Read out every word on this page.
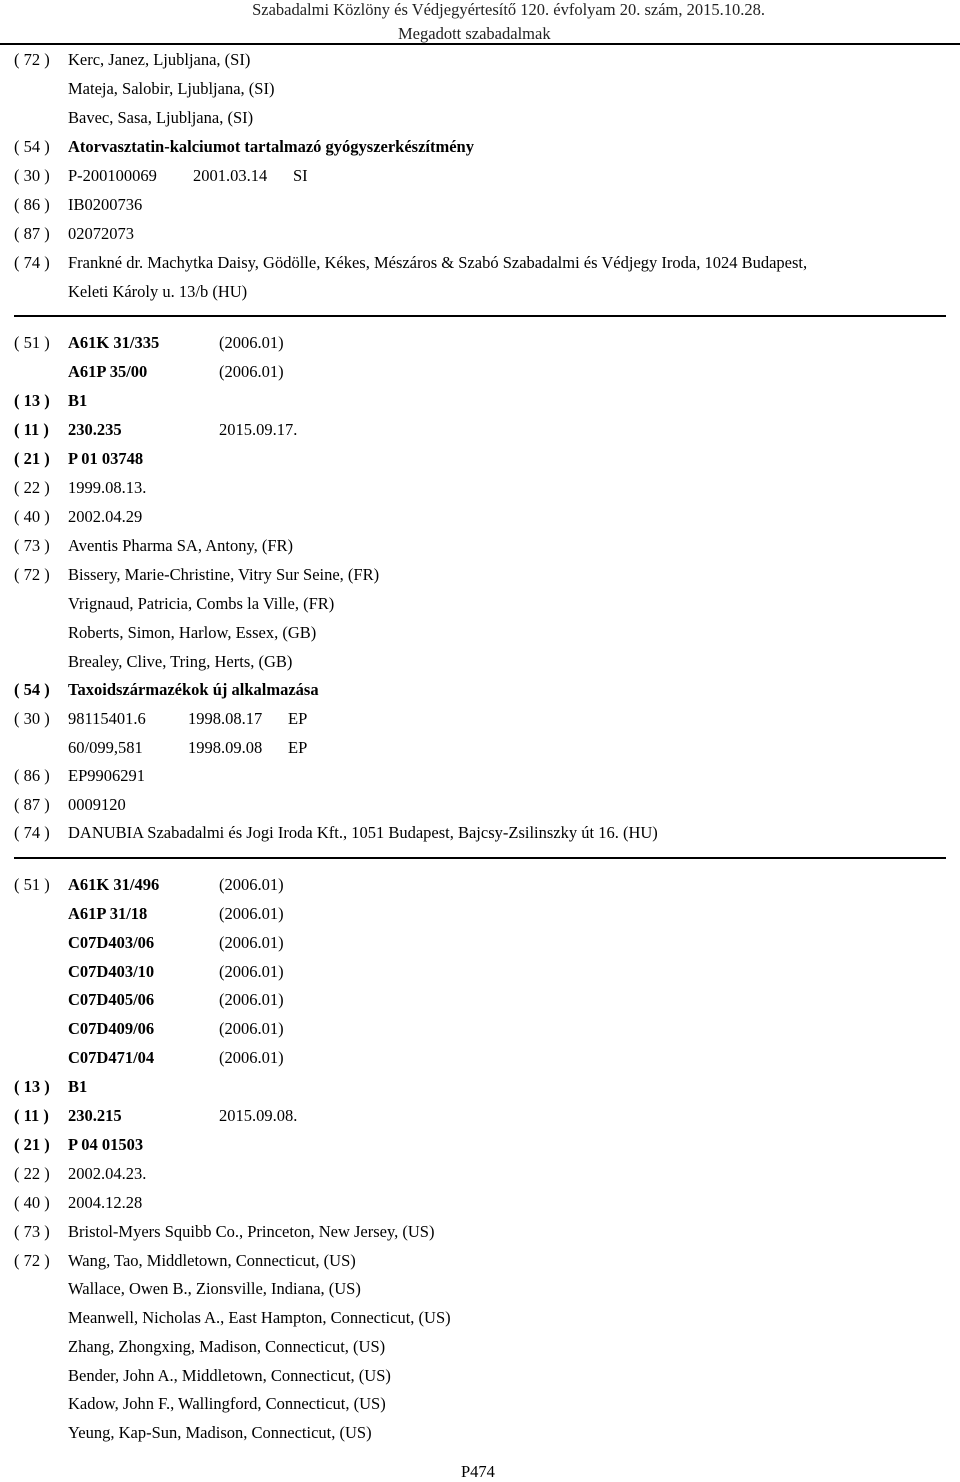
Szabadalmi Közlöny és Védjegyértesítő 120. évfolyam 20. szám, 2015.10.28.
Megadott szabadalmak
( 72 ) Kerc, Janez, Ljubljana, (SI)
Mateja, Salobir, Ljubljana, (SI)
Bavec, Sasa, Ljubljana, (SI)
( 54 ) Atorvasztatin-kalciumot tartalmazó gyógyszerkészítmény
( 30 ) P-200100069 2001.03.14 SI
( 86 ) IB0200736
( 87 ) 02072073
( 74 ) Frankné dr. Machytka Daisy, Gödölle, Kékes, Mészáros & Szabó Szabadalmi és Védjegy Iroda, 1024 Budapest,
Keleti Károly u. 13/b (HU)
( 51 ) A61K 31/335	(2006.01)
A61P 35/00	(2006.01)
( 13 ) B1
( 11 ) 230.235	2015.09.17.
( 21 ) P 01 03748
( 22 ) 1999.08.13.
( 40 ) 2002.04.29
( 73 ) Aventis Pharma SA, Antony, (FR)
( 72 ) Bissery, Marie-Christine, Vitry Sur Seine, (FR)
Vrignaud, Patricia, Combs la Ville, (FR)
Roberts, Simon, Harlow, Essex, (GB)
Brealey, Clive, Tring, Herts, (GB)
( 54 ) Taxoidszármazékok új alkalmazása
( 30 ) 98115401.6	1998.08.17 EP
60/099,581	1998.09.08 EP
( 86 ) EP9906291
( 87 ) 0009120
( 74 ) DANUBIA Szabadalmi és Jogi Iroda Kft., 1051 Budapest, Bajcsy-Zsilinszky út 16. (HU)
( 51 ) A61K 31/496	(2006.01)
A61P 31/18	(2006.01)
C07D403/06	(2006.01)
C07D403/10	(2006.01)
C07D405/06	(2006.01)
C07D409/06	(2006.01)
C07D471/04	(2006.01)
( 13 ) B1
( 11 ) 230.215	2015.09.08.
( 21 ) P 04 01503
( 22 ) 2002.04.23.
( 40 ) 2004.12.28
( 73 ) Bristol-Myers Squibb Co., Princeton, New Jersey, (US)
( 72 ) Wang, Tao, Middletown, Connecticut, (US)
Wallace, Owen B., Zionsville, Indiana, (US)
Meanwell, Nicholas A., East Hampton, Connecticut, (US)
Zhang, Zhongxing, Madison, Connecticut, (US)
Bender, John A., Middletown, Connecticut, (US)
Kadow, John F., Wallingford, Connecticut, (US)
Yeung, Kap-Sun, Madison, Connecticut, (US)
P474
